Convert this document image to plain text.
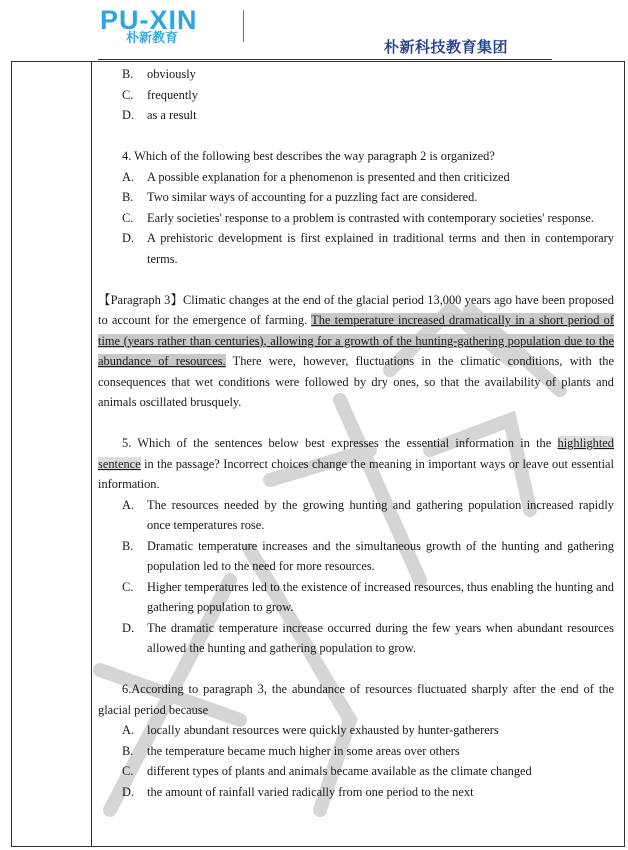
PU-XIN
朴新教育	朴新科技教育集团
B.	obviously
C.	frequently
D.	as a result
4. Which of the following best describes the way paragraph 2 is organized?
A.	A possible explanation for a phenomenon is presented and then criticized
B.	Two similar ways of accounting for a puzzling fact are considered.
C.	Early societies' response to a problem is contrasted with contemporary societies' response.
D.	A prehistoric development is first explained in traditional terms and then in contemporary terms.
【Paragraph 3】Climatic changes at the end of the glacial period 13,000 years ago have been proposed to account for the emergence of farming. The temperature increased dramatically in a short period of time (years rather than centuries), allowing for a growth of the hunting-gathering population due to the abundance of resources. There were, however, fluctuations in the climatic conditions, with the consequences that wet conditions were followed by dry ones, so that the availability of plants and animals oscillated brusquely.
5. Which of the sentences below best expresses the essential information in the highlighted sentence in the passage? Incorrect choices change the meaning in important ways or leave out essential information.
A.	The resources needed by the growing hunting and gathering population increased rapidly once temperatures rose.
B.	Dramatic temperature increases and the simultaneous growth of the hunting and gathering population led to the need for more resources.
C.	Higher temperatures led to the existence of increased resources, thus enabling the hunting and gathering population to grow.
D.	The dramatic temperature increase occurred during the few years when abundant resources allowed the hunting and gathering population to grow.
6.According to paragraph 3, the abundance of resources fluctuated sharply after the end of the glacial period because
A.	locally abundant resources were quickly exhausted by hunter-gatherers
B.	the temperature became much higher in some areas over others
C.	different types of plants and animals became available as the climate changed
D.	the amount of rainfall varied radically from one period to the next
